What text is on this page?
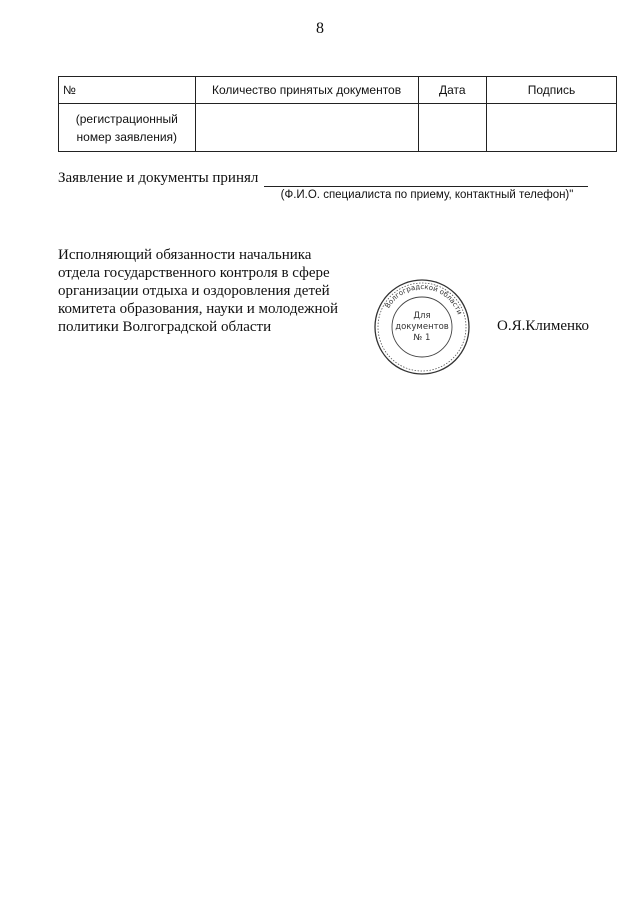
8
№	Количество принятых документов	Дата	Подпись

(регистрационный
номер заявления)			

Заявление и документы принял
(Ф.И.О. специалиста по приему, контактный телефон)"
Исполняющий обязанности начальника
отдела государственного контроля в сфере
организации отдыха и оздоровления детей
комитета образования, науки и молодежной
политики Волгоградской области
Волгоградской области
Для
документов
№ 1
О.Я.Клименко
